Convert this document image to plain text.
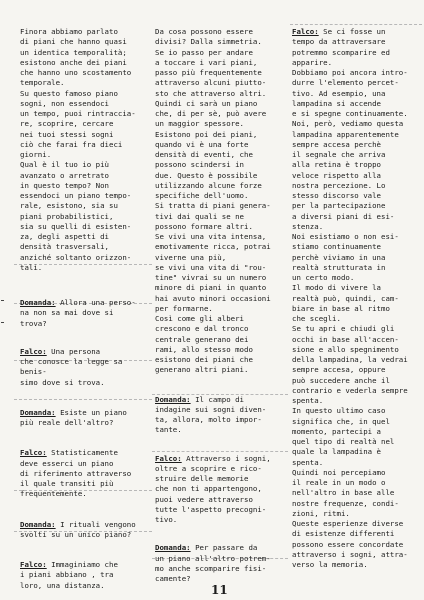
Finora abbiamo parlato
di piani che hanno quasi
un identica temporalità;
esistono anche dei piani
che hanno uno scostamento
temporale.
Su questo famoso piano
sogni, non essendoci
un tempo, puoi rintraccia-
re, scoprire, cercare
nei tuoi stessi sogni
ciò che farai fra dieci
giorni.
Qual è il tuo io più
avanzato o arretrato
in questo tempo? Non
essendoci un piano tempo-
rale, esistono, sia su
piani probabilistici,
sia su quelli di esisten-
za, degli aspetti di
densità trasversali,
anziché soltanto orizzon-
tali.
Domanda: Allora una perso-
na non sa mai dove si
trova?
Falco: Una persona
che conosce la legge sa benis-
simo dove si trova.
Domanda: Esiste un piano
più reale dell'altro?
Falco: Statisticamente
deve esserci un piano
di riferimento attraverso
il quale transiti più
frequentemente.
Domanda: I rituali vengono
svolti su un unico piano?
Falco: Immaginiamo che
i piani abbiano , tra
loro, una distanza.
Da cosa possono essere
divisi? Dalla simmetria.
Se io passo per andare
a toccare i vari piani,
passo più frequentemente
attraverso alcuni piutto-
sto che attraverso altri.
Quindi ci sarà un piano
che, di per sè, può avere
un maggior spessore.
Esistono poi dei piani,
quando vi è una forte
densità di eventi, che
possono scindersi in
due. Questo è possibile
utilizzando alcune forze
specifiche dell'uomo.
Si tratta di piani genera-
tivi dai quali se ne
possono formare altri.
Se vivi una vita intensa,
emotivamente ricca, potrai
viverne una più,
se vivi una vita di "rou-
tine" vivrai su un numero
minore di piani in quanto
hai avuto minori occasioni
per formarne.
Così come gli alberi
crescono e dal tronco
centrale generano dei
rami, allo stesso modo
esistono dei piani che
generano altri piani.
Domanda: Il campo di
indagine sui sogni diven-
ta, allora, molto impor-
tante.
Falco: Attraverso i sogni,
oltre a scoprire e rico-
struire delle memorie
che non ti appartengono,
puoi vedere attraverso
tutte l'aspetto precogni-
tivo.
Domanda: Per passare da
un piano all'altro potrem-
mo anche scomparire fisi-
camente?
Falco: Se ci fosse un
tempo da attraversare
potremmo scomparire ed
apparire.
Dobbiamo poi ancora intro-
durre l'elemento percet-
tivo. Ad esempio, una
lampadina si accende
e si spegne continuamente.
Noi, però, vediamo questa
lampadina apparentemente
sempre accesa perchè
il segnale che arriva
alla retina è troppo
veloce rispetto alla
nostra percezione. Lo
stesso discorso vale
per la partecipazione
a diversi piani di esi-
stenza.
Noi esistiamo o non esi-
stiamo continuamente
perchè viviamo in una
realtà strutturata in
un certo modo.
Il modo di vivere la
realtà può, quindi, cam-
biare in base al ritmo
che scegli.
Se tu apri e chiudi gli
occhi in base all'accen-
sione e allo spegnimento
della lampadina, la vedrai
sempre accesa, oppure
può succedere anche il
contrario e vederla sempre
spenta.
In questo ultimo caso
significa che, in quel
momento, partecipi a
quel tipo di realtà nel
quale la lampadina è
spenta.
Quindi noi percepiamo
il reale in un modo o
nell'altro in base alle
nostre frequenze, condi-
zioni, ritmi.
Queste esperienze diverse
di esistenze differenti
possono essere concordate
attraverso i sogni, attra-
verso la memoria.
11
